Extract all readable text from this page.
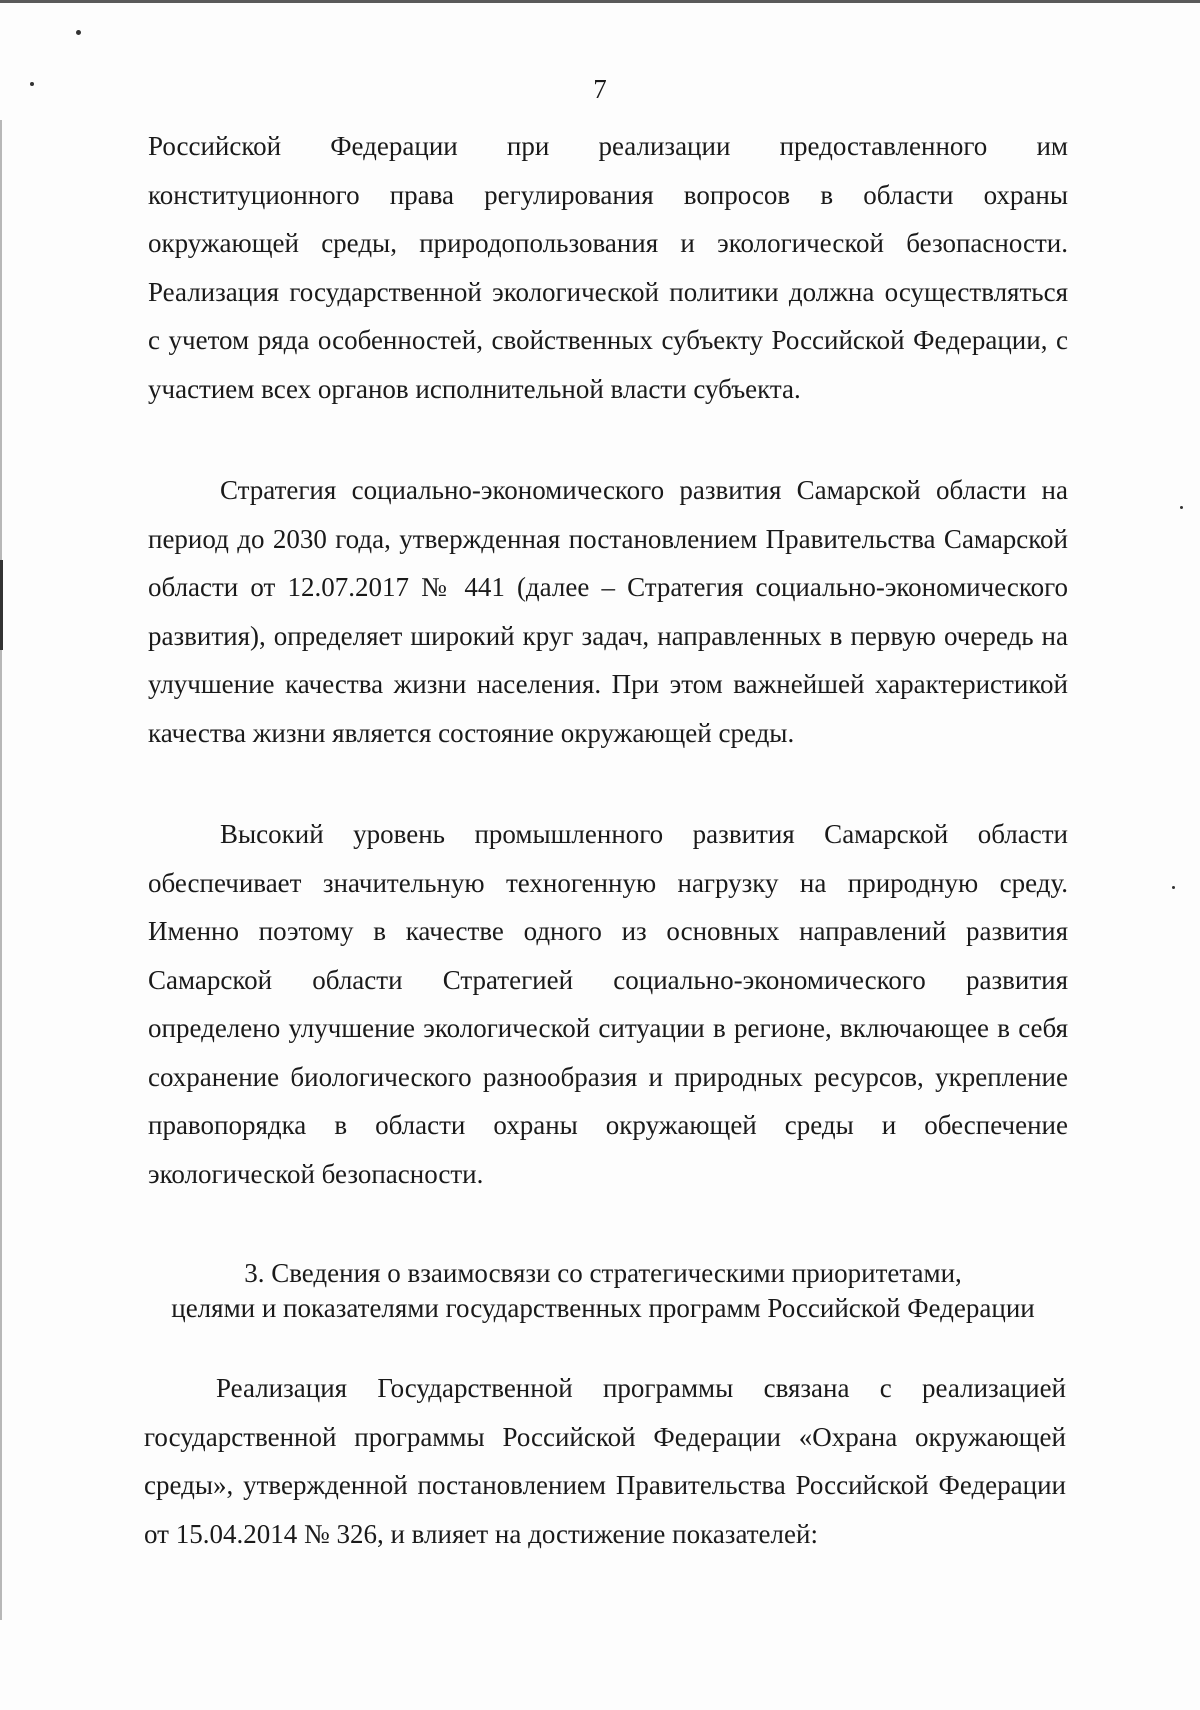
7

Российской Федерации при реализации предоставленного им конституционного права регулирования вопросов в области охраны окружающей среды, природопользования и экологической безопасности. Реализация государственной экологической политики должна осуществляться с учетом ряда особенностей, свойственных субъекту Российской Федерации, с участием всех органов исполнительной власти субъекта.

Стратегия социально-экономического развития Самарской области на период до 2030 года, утвержденная постановлением Правительства Самарской области от 12.07.2017 № 441 (далее – Стратегия социально-экономического развития), определяет широкий круг задач, направленных в первую очередь на улучшение качества жизни населения. При этом важнейшей характеристикой качества жизни является состояние окружающей среды.

Высокий уровень промышленного развития Самарской области обеспечивает значительную техногенную нагрузку на природную среду. Именно поэтому в качестве одного из основных направлений развития Самарской области Стратегией социально-экономического развития определено улучшение экологической ситуации в регионе, включающее в себя сохранение биологического разнообразия и природных ресурсов, укрепление правопорядка в области охраны окружающей среды и обеспечение экологической безопасности.

3. Сведения о взаимосвязи со стратегическими приоритетами,
целями и показателями государственных программ Российской Федерации

Реализация Государственной программы связана с реализацией государственной программы Российской Федерации «Охрана окружающей среды», утвержденной постановлением Правительства Российской Федерации от 15.04.2014 № 326, и влияет на достижение показателей:
